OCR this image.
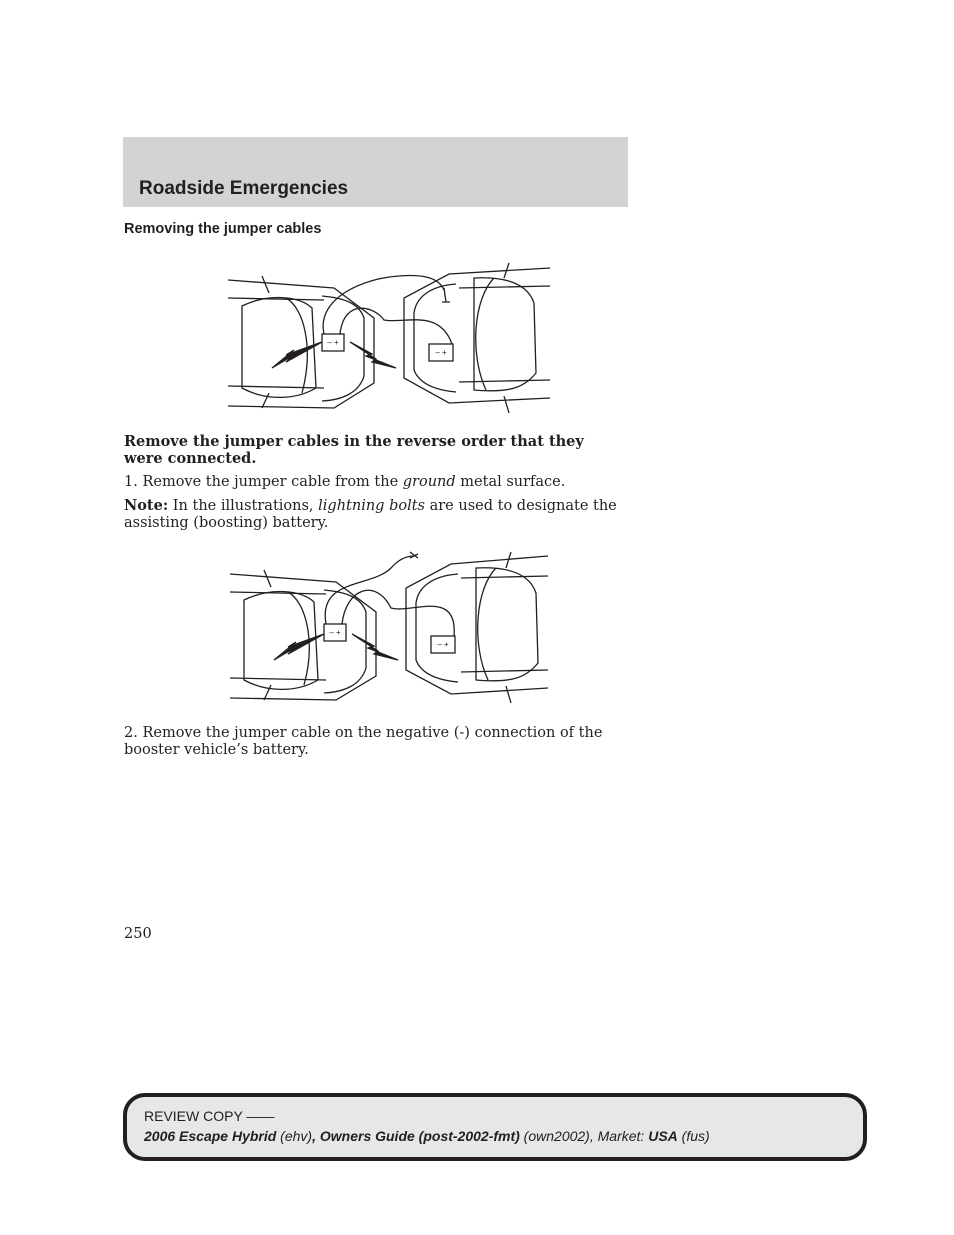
Roadside Emergencies
Removing the jumper cables
– +
– +

Remove the jumper cables in the reverse order that they were connected.

1. Remove the jumper cable from the ground metal surface.

Note: In the illustrations, lightning bolts are used to designate the assisting (boosting) battery.

– +
– +

2. Remove the jumper cable on the negative (-) connection of the booster vehicle’s battery.

250
REVIEW COPY ——
2006 Escape Hybrid (ehv), Owners Guide (post-2002-fmt) (own2002), Market: USA (fus)
